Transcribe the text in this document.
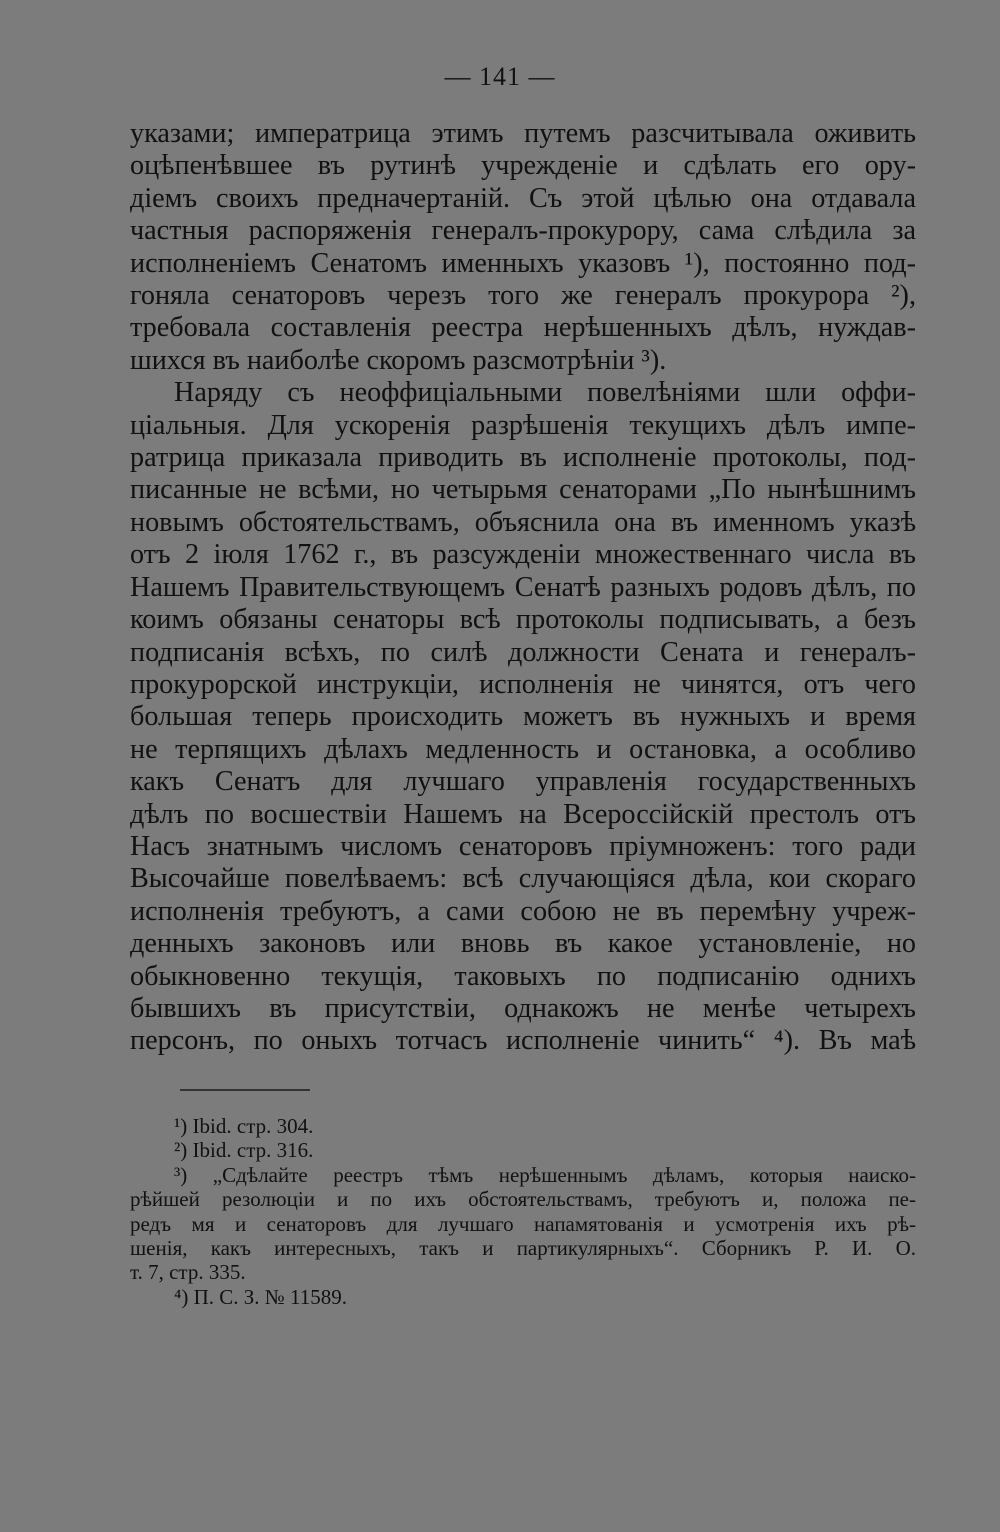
— 141 —
указами; императрица этимъ путемъ разсчитывала оживить
оцѣпенѣвшее въ рутинѣ учрежденіе и сдѣлать его ору-
діемъ своихъ предначертаній. Съ этой цѣлью она отдавала
частныя распоряженія генералъ-прокурору, сама слѣдила за
исполненіемъ Сенатомъ именныхъ указовъ ¹), постоянно под-
гоняла сенаторовъ черезъ того же генералъ прокурора ²),
требовала составленія реестра нерѣшенныхъ дѣлъ, нуждав-
шихся въ наиболѣе скоромъ разсмотрѣніи ³).
Наряду съ неоффиціальными повелѣніями шли оффи-
ціальныя. Для ускоренія разрѣшенія текущихъ дѣлъ импе-
ратрица приказала приводить въ исполненіе протоколы, под-
писанные не всѣми, но четырьмя сенаторами „По нынѣшнимъ
новымъ обстоятельствамъ, объяснила она въ именномъ указѣ
отъ 2 іюля 1762 г., въ разсужденіи множественнаго числа въ
Нашемъ Правительствующемъ Сенатѣ разныхъ родовъ дѣлъ, по
коимъ обязаны сенаторы всѣ протоколы подписывать, а безъ
подписанія всѣхъ, по силѣ должности Сената и генералъ-
прокурорской инструкціи, исполненія не чинятся, отъ чего
большая теперь происходить можетъ въ нужныхъ и время
не терпящихъ дѣлахъ медленность и остановка, а особливо
какъ Сенатъ для лучшаго управленія государственныхъ
дѣлъ по восшествіи Нашемъ на Всероссійскій престолъ отъ
Насъ знатнымъ числомъ сенаторовъ пріумноженъ: того ради
Высочайше повелѣваемъ: всѣ случающіяся дѣла, кои скораго
исполненія требуютъ, а сами собою не въ перемѣну учреж-
денныхъ законовъ или вновь въ какое установленіе, но
обыкновенно текущія, таковыхъ по подписанію однихъ
бывшихъ въ присутствіи, однакожъ не менѣе четырехъ
персонъ, по оныхъ тотчасъ исполненіе чинить“ ⁴). Въ маѣ
¹) Ibid. стр. 304.
²) Ibid. стр. 316.
³) „Сдѣлайте реестръ тѣмъ нерѣшеннымъ дѣламъ, которыя наиско-
рѣйшей резолюціи и по ихъ обстоятельствамъ, требуютъ и, положа пе-
редъ мя и сенаторовъ для лучшаго напамятованія и усмотренія ихъ рѣ-
шенія, какъ интересныхъ, такъ и партикулярныхъ“. Сборникъ Р. И. О.
т. 7, стр. 335.
⁴) П. С. З. № 11589.
